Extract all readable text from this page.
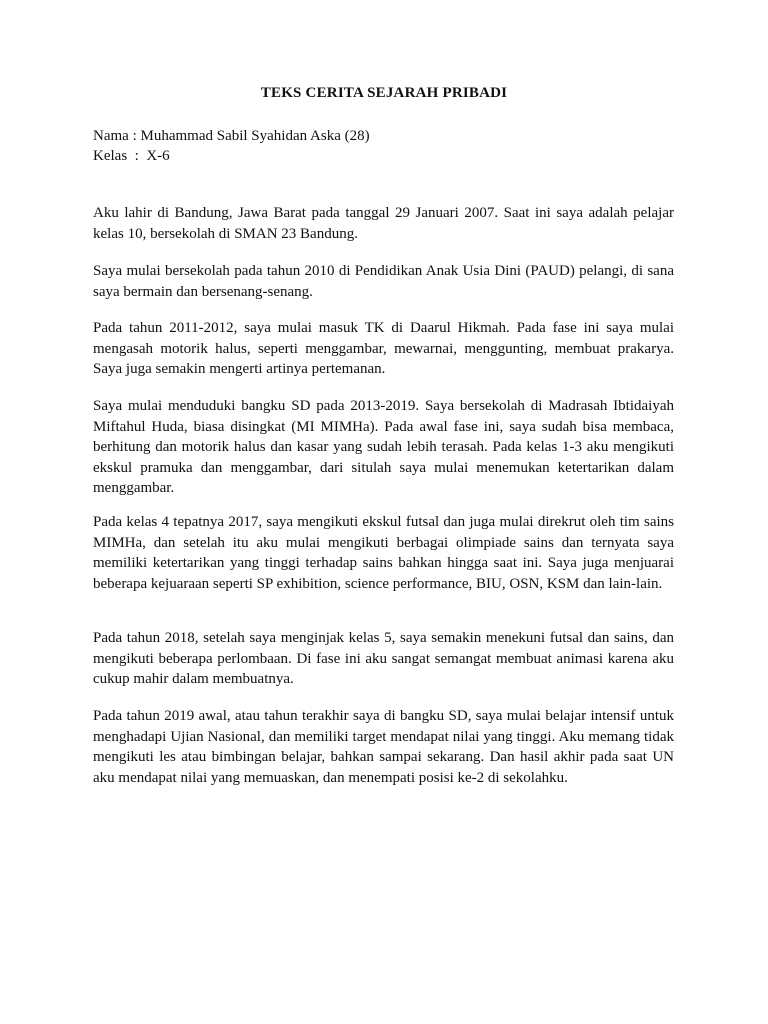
TEKS CERITA SEJARAH PRIBADI
Nama : Muhammad Sabil Syahidan Aska (28)
Kelas  :  X-6
Aku lahir di Bandung, Jawa Barat pada tanggal 29 Januari 2007. Saat ini saya adalah pelajar kelas 10, bersekolah di SMAN 23 Bandung.
Saya mulai bersekolah pada tahun 2010 di Pendidikan Anak Usia Dini (PAUD) pelangi, di sana saya bermain dan bersenang-senang.
Pada tahun 2011-2012, saya mulai masuk TK di Daarul Hikmah. Pada fase ini saya mulai mengasah motorik halus, seperti menggambar, mewarnai, menggunting, membuat prakarya. Saya juga semakin mengerti artinya pertemanan.
Saya mulai menduduki bangku SD pada 2013-2019. Saya bersekolah di Madrasah Ibtidaiyah Miftahul Huda, biasa disingkat (MI MIMHa). Pada awal fase ini, saya sudah bisa membaca, berhitung dan motorik halus dan kasar yang sudah lebih terasah. Pada kelas 1-3 aku mengikuti ekskul pramuka dan menggambar, dari situlah saya mulai menemukan ketertarikan dalam menggambar.
Pada kelas 4 tepatnya 2017, saya mengikuti ekskul futsal dan juga mulai direkrut oleh tim sains MIMHa, dan setelah itu aku mulai mengikuti berbagai olimpiade sains dan ternyata saya memiliki ketertarikan yang tinggi terhadap sains bahkan hingga saat ini. Saya juga menjuarai beberapa kejuaraan seperti SP exhibition, science performance, BIU, OSN, KSM dan lain-lain.
Pada tahun 2018, setelah saya menginjak kelas 5, saya semakin menekuni futsal dan sains, dan mengikuti beberapa perlombaan. Di fase ini aku sangat semangat membuat animasi karena aku cukup mahir dalam membuatnya.
Pada tahun 2019 awal, atau tahun terakhir saya di bangku SD, saya mulai belajar intensif untuk menghadapi Ujian Nasional, dan memiliki target mendapat nilai yang tinggi. Aku memang tidak mengikuti les atau bimbingan belajar, bahkan sampai sekarang. Dan hasil akhir pada saat UN aku mendapat nilai yang memuaskan, dan menempati posisi ke-2 di sekolahku.
